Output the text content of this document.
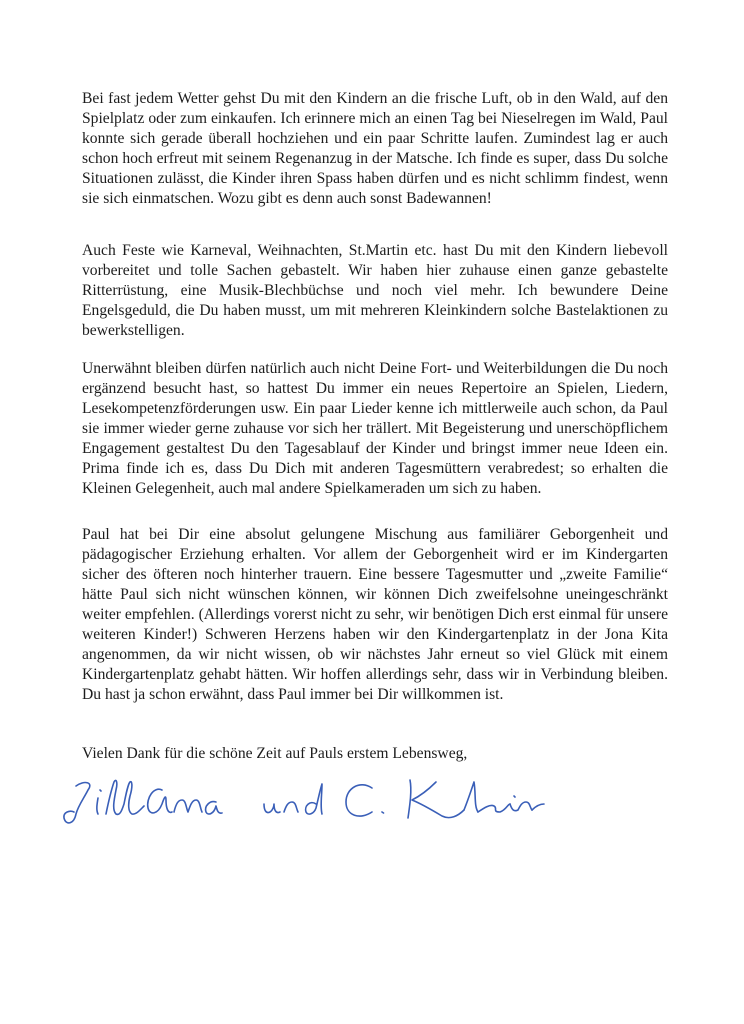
Bei fast jedem Wetter gehst Du mit den Kindern an die frische Luft, ob in den Wald, auf den Spielplatz oder zum einkaufen. Ich erinnere mich an einen Tag bei Nieselregen im Wald, Paul konnte sich gerade überall hochziehen und ein paar Schritte laufen. Zumindest lag er auch schon hoch erfreut mit seinem Regenanzug in der Matsche. Ich finde es super, dass Du solche Situationen zulässt, die Kinder ihren Spass haben dürfen und es nicht schlimm findest, wenn sie sich einmatschen. Wozu gibt es denn auch sonst Badewannen!

Auch Feste wie Karneval, Weihnachten, St.Martin etc. hast Du mit den Kindern liebevoll vorbereitet und tolle Sachen gebastelt. Wir haben hier zuhause einen ganze gebastelte Ritterrüstung, eine Musik-Blechbüchse und noch viel mehr. Ich bewundere Deine Engelsgeduld, die Du haben musst, um mit mehreren Kleinkindern solche Bastelaktionen zu bewerkstelligen.

Unerwähnt bleiben dürfen natürlich auch nicht Deine Fort- und Weiterbildungen die Du noch ergänzend besucht hast, so hattest Du immer ein neues Repertoire an Spielen, Liedern, Lesekompetenzförderungen usw. Ein paar Lieder kenne ich mittlerweile auch schon, da Paul sie immer wieder gerne zuhause vor sich her trällert. Mit Begeisterung und unerschöpflichem Engagement gestaltest Du den Tagesablauf der Kinder und bringst immer neue Ideen ein. Prima finde ich es, dass Du Dich mit anderen Tagesmüttern verabredest; so erhalten die Kleinen Gelegenheit, auch mal andere Spielkameraden um sich zu haben.

Paul hat bei Dir eine absolut gelungene Mischung aus familiärer Geborgenheit und pädagogischer Erziehung erhalten. Vor allem der Geborgenheit wird er im Kindergarten sicher des öfteren noch hinterher trauern. Eine bessere Tagesmutter und „zweite Familie“ hätte Paul sich nicht wünschen können, wir können Dich zweifelsohne uneingeschränkt weiter empfehlen. (Allerdings vorerst nicht zu sehr, wir benötigen Dich erst einmal für unsere weiteren Kinder!) Schweren Herzens haben wir den Kindergartenplatz in der Jona Kita angenommen, da wir nicht wissen, ob wir nächstes Jahr erneut so viel Glück mit einem Kindergartenplatz gehabt hätten. Wir hoffen allerdings sehr, dass wir in Verbindung bleiben. Du hast ja schon erwähnt, dass Paul immer bei Dir willkommen ist.

Vielen Dank für die schöne Zeit auf Pauls erstem Lebensweg,
